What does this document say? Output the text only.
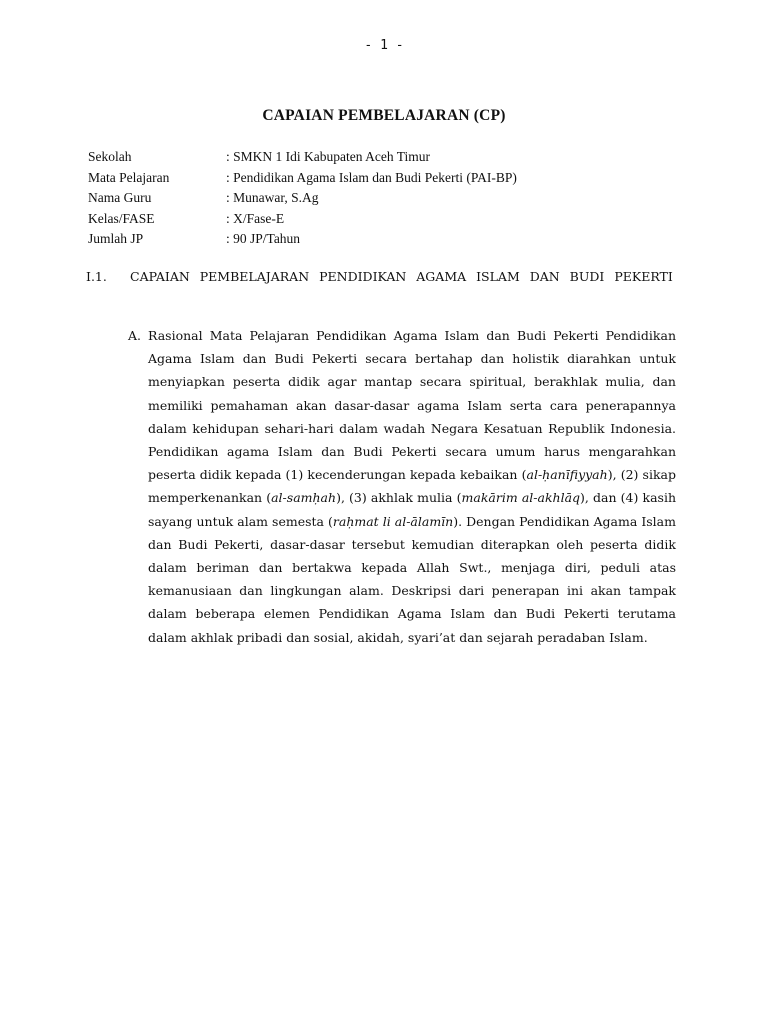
- 1 -
CAPAIAN PEMBELAJARAN (CP)
Sekolah	: SMKN 1 Idi Kabupaten Aceh Timur
Mata Pelajaran	: Pendidikan Agama Islam dan Budi Pekerti (PAI-BP)
Nama Guru	: Munawar, S.Ag
Kelas/FASE	: X/Fase-E
Jumlah JP	: 90 JP/Tahun
I.1. CAPAIAN PEMBELAJARAN PENDIDIKAN AGAMA ISLAM DAN BUDI PEKERTI
A. Rasional Mata Pelajaran Pendidikan Agama Islam dan Budi Pekerti Pendidikan Agama Islam dan Budi Pekerti secara bertahap dan holistik diarahkan untuk menyiapkan peserta didik agar mantap secara spiritual, berakhlak mulia, dan memiliki pemahaman akan dasar-dasar agama Islam serta cara penerapannya dalam kehidupan sehari-hari dalam wadah Negara Kesatuan Republik Indonesia. Pendidikan agama Islam dan Budi Pekerti secara umum harus mengarahkan peserta didik kepada (1) kecenderungan kepada kebaikan (al-ḥanīfiyyah), (2) sikap memperkenankan (al-samḥah), (3) akhlak mulia (makārim al-akhlāq), dan (4) kasih sayang untuk alam semesta (raḥmat li al-ālamīn). Dengan Pendidikan Agama Islam dan Budi Pekerti, dasar-dasar tersebut kemudian diterapkan oleh peserta didik dalam beriman dan bertakwa kepada Allah Swt., menjaga diri, peduli atas kemanusiaan dan lingkungan alam. Deskripsi dari penerapan ini akan tampak dalam beberapa elemen Pendidikan Agama Islam dan Budi Pekerti terutama dalam akhlak pribadi dan sosial, akidah, syari’at dan sejarah peradaban Islam.
